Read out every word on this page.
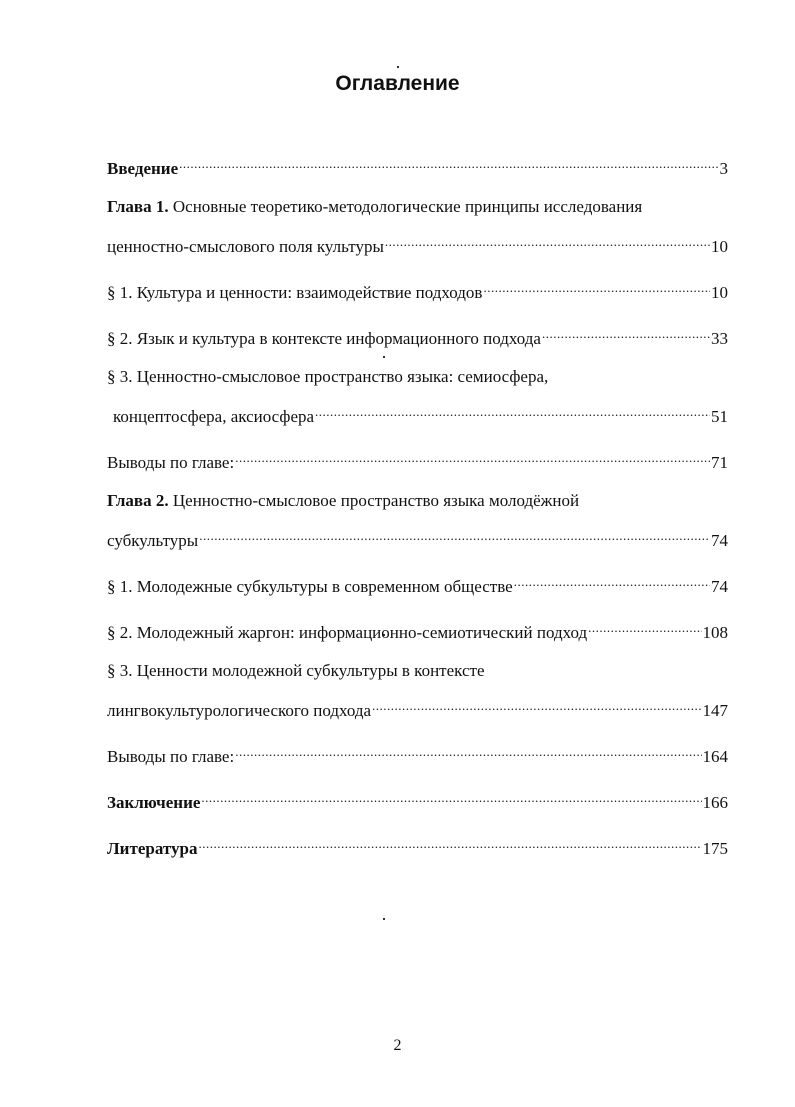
Оглавление
Введение .....	3
Глава 1. Основные теоретико-методологические принципы исследования
ценностно-смыслового поля культуры .....	10
§ 1. Культура и ценности: взаимодействие подходов .....	10
§ 2. Язык и культура в контексте информационного подхода .....	33
§ 3. Ценностно-смысловое пространство языка: семиосфера,
концептосфера, аксиосфера .....	51
Выводы по главе: .....	71
Глава 2. Ценностно-смысловое пространство языка молодёжной
субкультуры .....	74
§ 1. Молодежные субкультуры в современном обществе .....	74
§ 2. Молодежный жаргон: информационно-семиотический подход .....	108
§ 3. Ценности молодежной субкультуры в контексте
лингвокультурологического подхода .....	147
Выводы по главе: .....	164
Заключение .....	166
Литература .....	175
2
